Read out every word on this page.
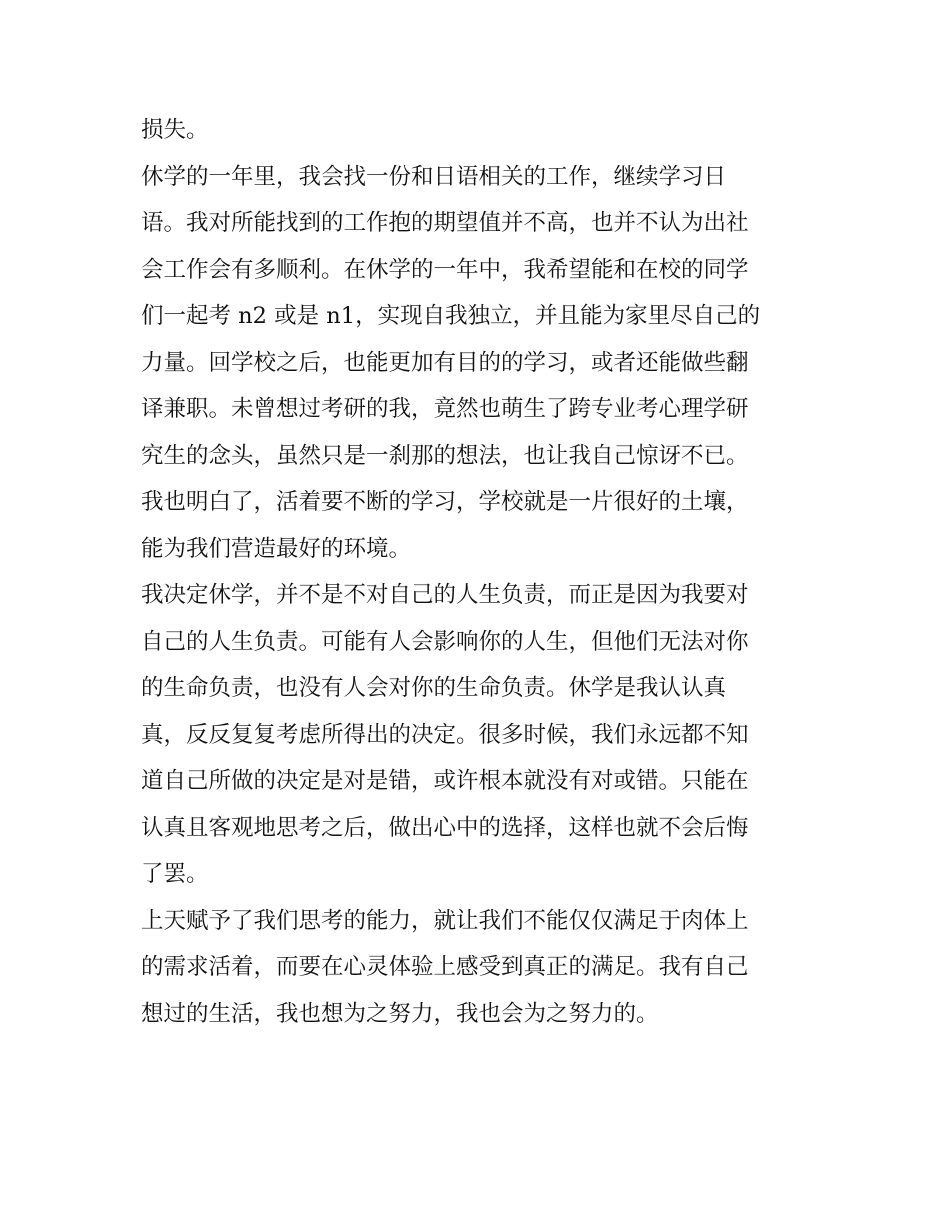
损失。
休学的一年里，我会找一份和日语相关的工作，继续学习日
语。我对所能找到的工作抱的期望值并不高，也并不认为出社
会工作会有多顺利。在休学的一年中，我希望能和在校的同学
们一起考 n2 或是 n1，实现自我独立，并且能为家里尽自己的
力量。回学校之后，也能更加有目的的学习，或者还能做些翻
译兼职。未曾想过考研的我，竟然也萌生了跨专业考心理学研
究生的念头，虽然只是一刹那的想法，也让我自己惊讶不已。
我也明白了，活着要不断的学习，学校就是一片很好的土壤，
能为我们营造最好的环境。
我决定休学，并不是不对自己的人生负责，而正是因为我要对
自己的人生负责。可能有人会影响你的人生，但他们无法对你
的生命负责，也没有人会对你的生命负责。休学是我认认真
真，反反复复考虑所得出的决定。很多时候，我们永远都不知
道自己所做的决定是对是错，或许根本就没有对或错。只能在
认真且客观地思考之后，做出心中的选择，这样也就不会后悔
了罢。
上天赋予了我们思考的能力，就让我们不能仅仅满足于肉体上
的需求活着，而要在心灵体验上感受到真正的满足。我有自己
想过的生活，我也想为之努力，我也会为之努力的。
